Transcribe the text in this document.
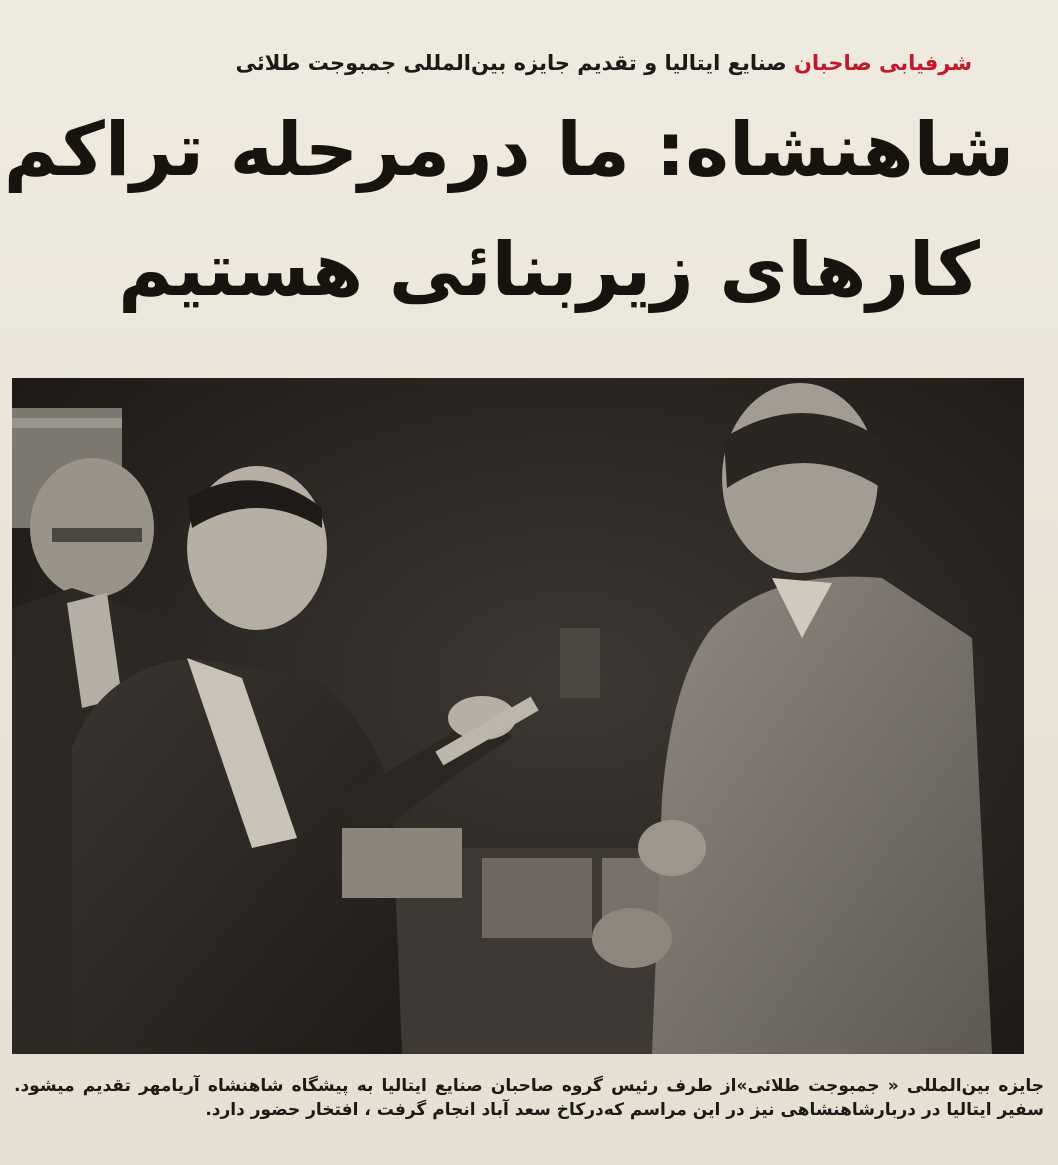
شرفیابی صاحبان صنایع ایتالیا و تقدیم جایزه بین‌المللی جمبوجت طلائی
شاهنشاه: ما درمرحله تراکم
کارهای زیربنائی هستیم
جایزه بین‌المللی « جمبوجت طلائی»از طرف رئیس گروه صاحبان صنایع ایتالیا به پیشگاه شاهنشاه آریامهر تقدیم میشود. سفیر ایتالیا در دربارشاهنشاهی نیز در این مراسم که‌درکاخ سعد آباد انجام گرفت ، افتخار حضور دارد.
